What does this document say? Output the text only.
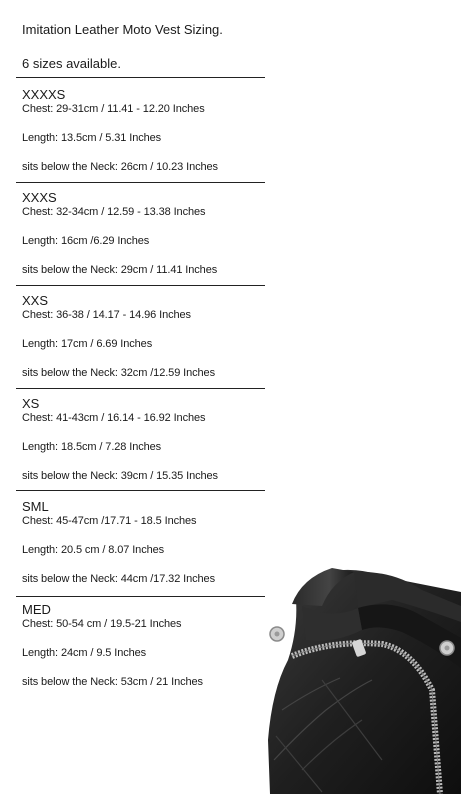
Imitation Leather Moto Vest Sizing.
6 sizes available.

XXXXS

Chest: 29-31cm / 11.41 - 12.20 Inches

Length: 13.5cm / 5.31 Inches

sits below the Neck: 26cm / 10.23 Inches

XXXS

Chest: 32-34cm / 12.59 - 13.38 Inches

Length: 16cm /6.29 Inches

sits below the Neck: 29cm / 11.41 Inches

XXS

Chest: 36-38 / 14.17 - 14.96 Inches

Length: 17cm / 6.69 Inches

sits below the Neck: 32cm /12.59 Inches

XS

Chest: 41-43cm / 16.14 - 16.92 Inches

Length: 18.5cm / 7.28 Inches

sits below the Neck: 39cm / 15.35 Inches

SML

Chest: 45-47cm /17.71 - 18.5 Inches

Length: 20.5 cm / 8.07 Inches

sits below the Neck: 44cm /17.32 Inches

MED

Chest: 50-54 cm / 19.5-21 Inches

Length: 24cm / 9.5 Inches

sits below the Neck: 53cm / 21 Inches
